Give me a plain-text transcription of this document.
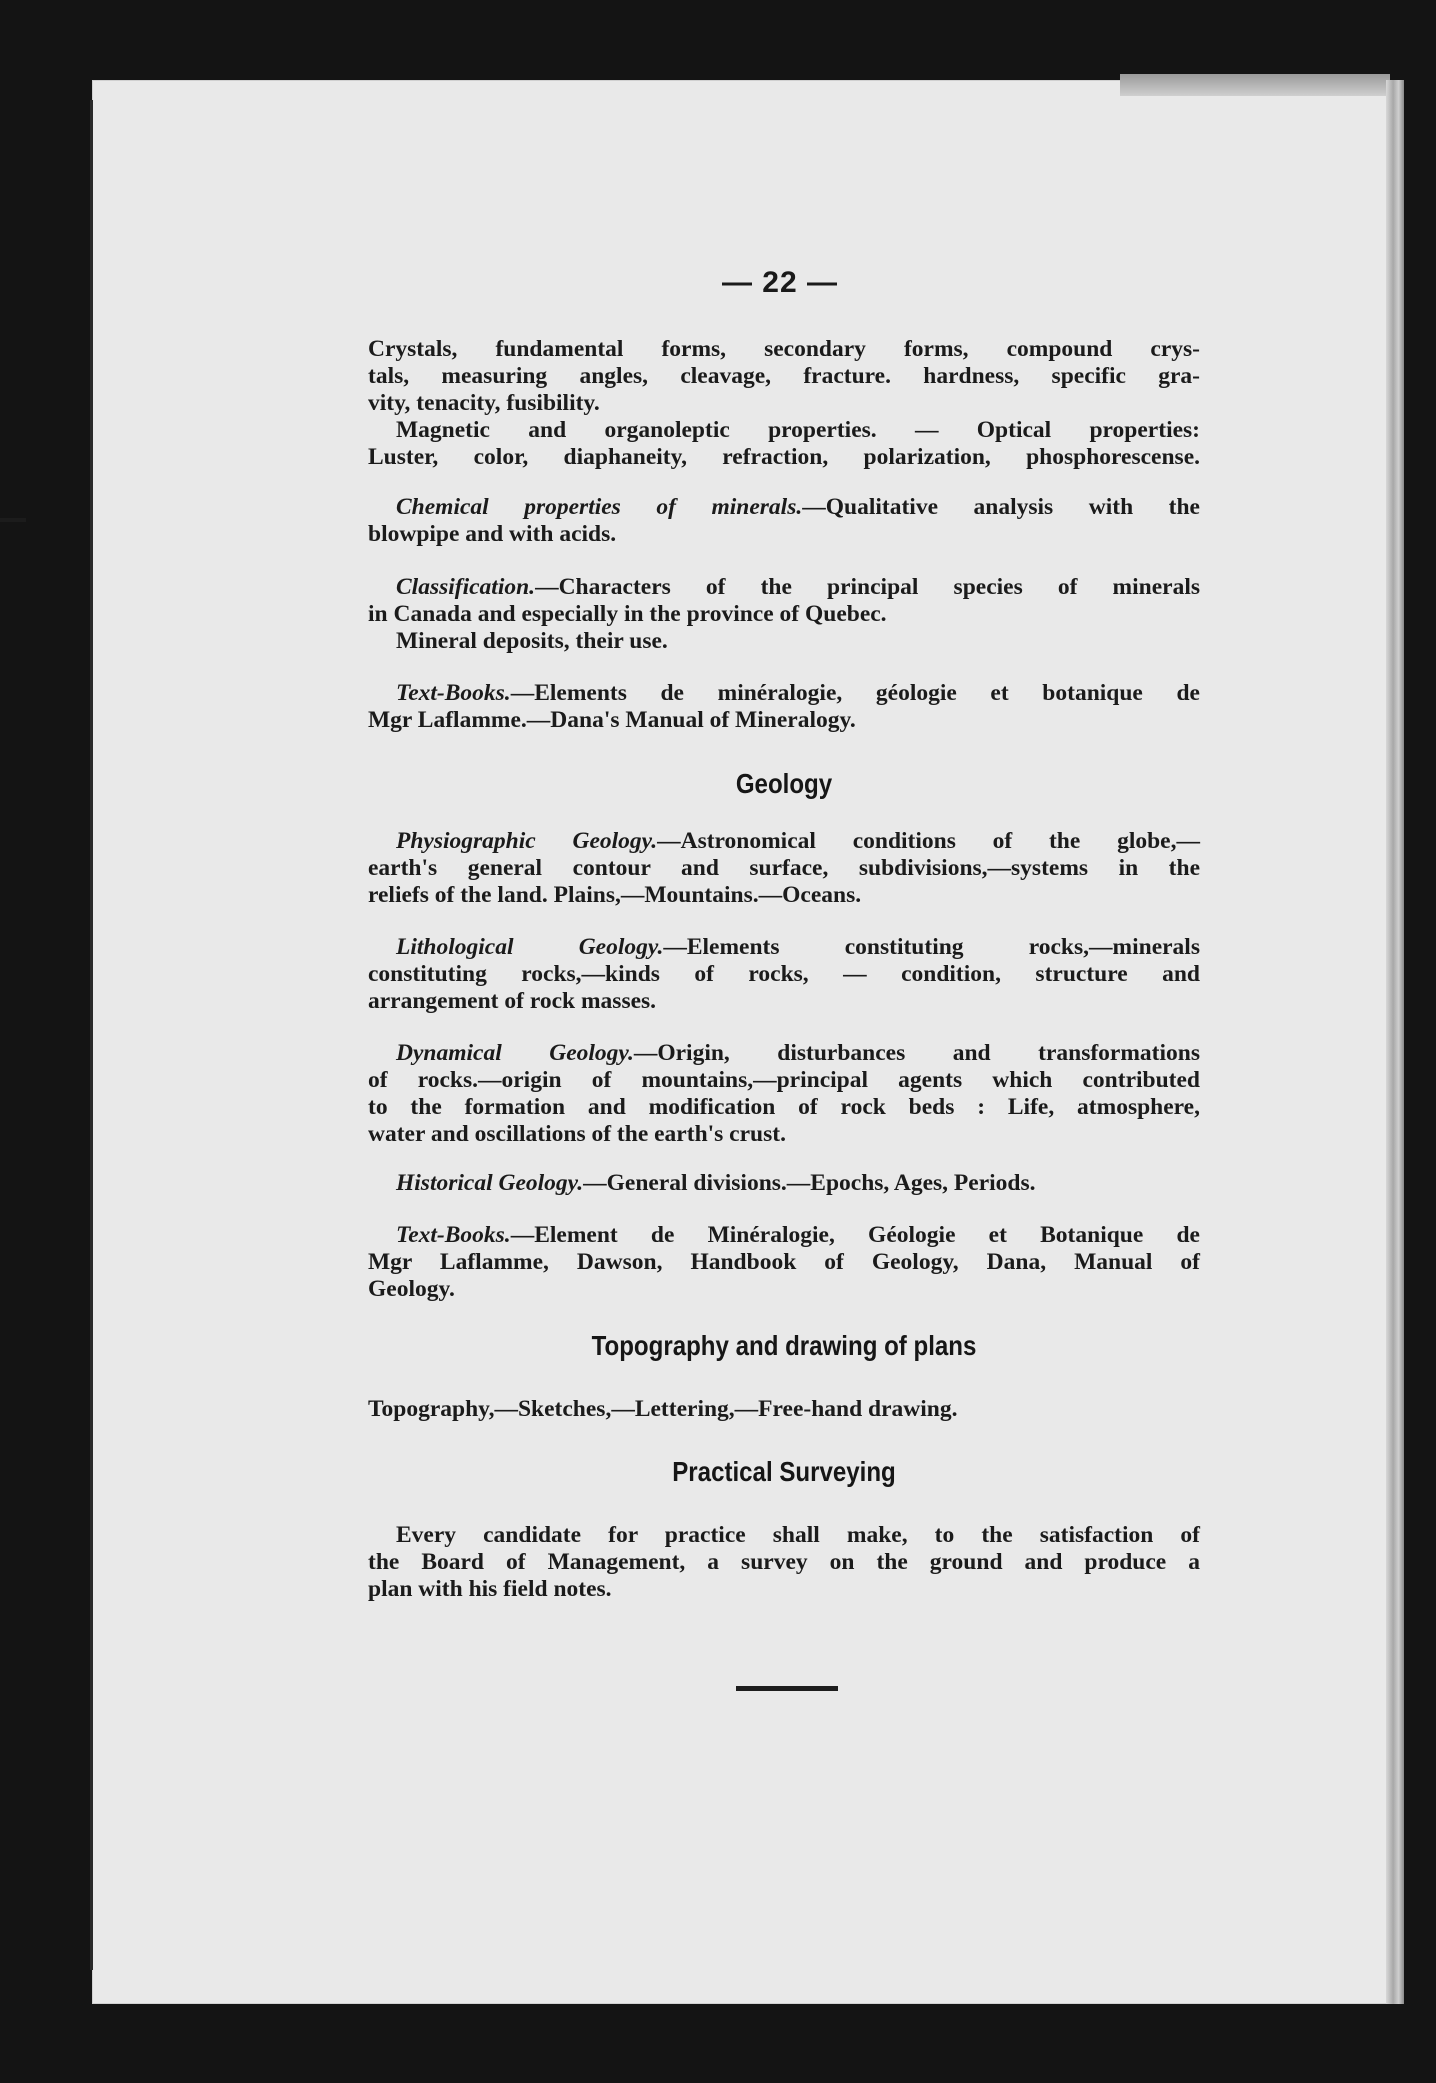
— 22 —

Crystals, fundamental forms, secondary forms, compound crys-
tals, measuring angles, cleavage, fracture. hardness, specific gra-
vity, tenacity, fusibility.
Magnetic and organoleptic properties. — Optical properties:
Luster, color, diaphaneity, refraction, polarization, phosphorescense.

Chemical properties of minerals.—Qualitative analysis with the
blowpipe and with acids.

Classification.—Characters of the principal species of minerals
in Canada and especially in the province of Quebec.
Mineral deposits, their use.

Text-Books.—Elements de minéralogie, géologie et botanique de
Mgr Laflamme.—Dana's Manual of Mineralogy.

Geology

Physiographic Geology.—Astronomical conditions of the globe,—
earth's general contour and surface, subdivisions,—systems in the
reliefs of the land. Plains,—Mountains.—Oceans.

Lithological Geology.—Elements constituting rocks,—minerals
constituting rocks,—kinds of rocks, — condition, structure and
arrangement of rock masses.

Dynamical Geology.—Origin, disturbances and transformations
of rocks.—origin of mountains,—principal agents which contributed
to the formation and modification of rock beds : Life, atmosphere,
water and oscillations of the earth's crust.

Historical Geology.—General divisions.—Epochs, Ages, Periods.

Text-Books.—Element de Minéralogie, Géologie et Botanique de
Mgr Laflamme, Dawson, Handbook of Geology, Dana, Manual of
Geology.

Topography and drawing of plans

Topography,—Sketches,—Lettering,—Free-hand drawing.

Practical Surveying

Every candidate for practice shall make, to the satisfaction of
the Board of Management, a survey on the ground and produce a
plan with his field notes.
